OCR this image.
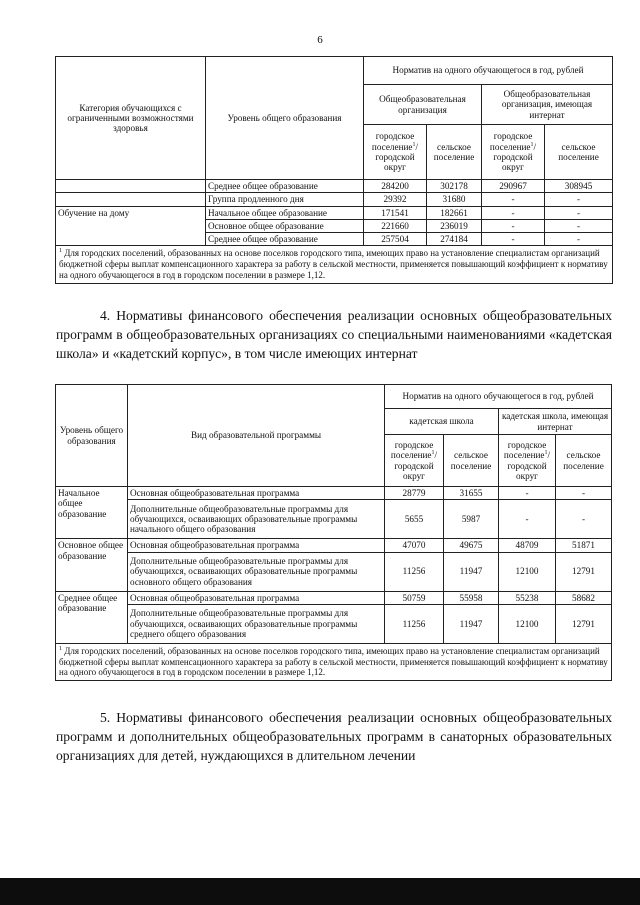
6
Категория обучающихся с ограниченными возможностями здоровья	Уровень общего образования	Норматив на одного обучающегося в год, рублей			
		Общеобразовательная организация		Общеобразовательная организация, имеющая интернат	
		городское поселение$^1$/ городской округ	сельское поселение	городское поселение$^1$/ городской округ	сельское поселение
	Среднее общее образование	284200	302178	290967	308945
	Группа продленного дня	29392	31680	-	-
Обучение на дому	Начальное общее образование	171541	182661	-	-
	Основное общее образование	221660	236019	-	-
	Среднее общее образование	257504	274184	-	-
$^1$ Для городских поселений, образованных на основе поселков городского типа, имеющих право на установление специалистам организаций бюджетной сферы выплат компенсационного характера за работу в сельской местности, применяется повышающий коэффициент к нормативу на одного обучающегося в год в городском поселении в размере 1,12.					
4. Нормативы финансового обеспечения реализации основных общеобразовательных программ в общеобразовательных организациях со специальными наименованиями «кадетская школа» и «кадетский корпус», в том числе имеющих интернат
Уровень общего образования	Вид образовательной программы	Норматив на одного обучающегося в год, рублей			
		кадетская школа		кадетская школа, имеющая интернат	
		городское поселение$^1$/ городской округ	сельское поселение	городское поселение$^1$/ городской округ	сельское поселение
Начальное общее образование	Основная общеобразовательная программа	28779	31655	-	-
	Дополнительные общеобразовательные программы для обучающихся, осваивающих образовательные программы начального общего образования	5655	5987	-	-
Основное общее образование	Основная общеобразовательная программа	47070	49675	48709	51871
	Дополнительные общеобразовательные программы для обучающихся, осваивающих образовательные программы основного общего образования	11256	11947	12100	12791
Среднее общее образование	Основная общеобразовательная программа	50759	55958	55238	58682
	Дополнительные общеобразовательные программы для обучающихся, осваивающих образовательные программы среднего общего образования	11256	11947	12100	12791
$^1$ Для городских поселений, образованных на основе поселков городского типа, имеющих право на установление специалистам организаций бюджетной сферы выплат компенсационного характера за работу в сельской местности, применяется повышающий коэффициент к нормативу на одного обучающегося в год в городском поселении в размере 1,12.					
5. Нормативы финансового обеспечения реализации основных общеобразовательных программ и дополнительных общеобразовательных программ в санаторных образовательных организациях для детей, нуждающихся в длительном лечении
